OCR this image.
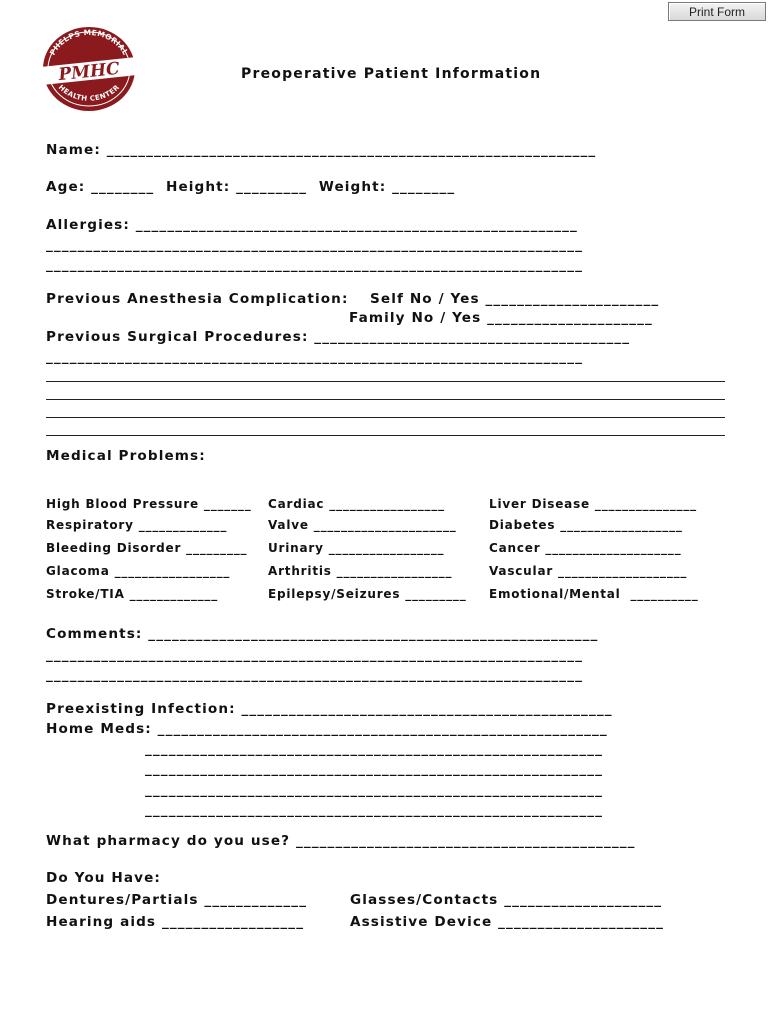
Print Form
PHELPS MEMORIAL
HEALTH CENTER
PMHC	Preoperative Patient Information
Name: ______________________________________________________________
Age: ________  Height: _________  Weight: ________
Allergies: ________________________________________________________
____________________________________________________________________
____________________________________________________________________
Previous Anesthesia Complication: Self No / Yes ______________________
Family No / Yes _____________________
Previous Surgical Procedures: ________________________________________
____________________________________________________________________
Medical Problems:
High Blood Pressure _______ Cardiac _________________	Liver Disease _______________
Respiratory _____________	Valve _____________________	Diabetes __________________
Bleeding Disorder _________ Urinary _________________	Cancer ____________________
Glacoma _________________	Arthritis _________________	Vascular ___________________
Stroke/TIA _____________	Epilepsy/Seizures _________ Emotional/Mental  __________
Comments: _________________________________________________________
____________________________________________________________________
____________________________________________________________________
Preexisting Infection: _______________________________________________
Home Meds: _________________________________________________________
__________________________________________________________
__________________________________________________________
__________________________________________________________
__________________________________________________________
What pharmacy do you use? ___________________________________________
Do You Have:
Dentures/Partials _____________	Glasses/Contacts ____________________
Hearing aids __________________	Assistive Device _____________________
